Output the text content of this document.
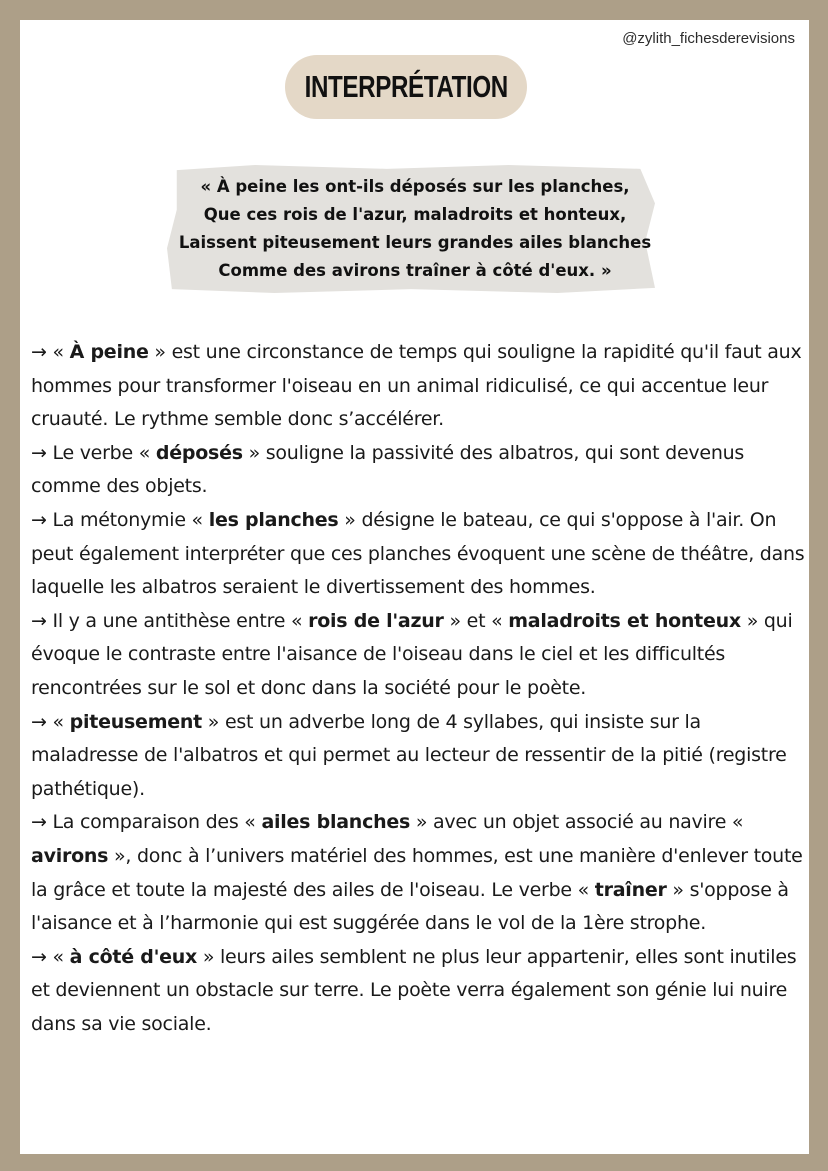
@zylith_fichesderevisions
INTERPRÉTATION
« À peine les ont-ils déposés sur les planches,
Que ces rois de l'azur, maladroits et honteux,
Laissent piteusement leurs grandes ailes blanches
Comme des avirons traîner à côté d'eux. »

→ « À peine » est une circonstance de temps qui souligne la rapidité qu'il faut aux hommes pour transformer l'oiseau en un animal ridiculisé, ce qui accentue leur cruauté. Le rythme semble donc s’accélérer.

→ Le verbe « déposés » souligne la passivité des albatros, qui sont devenus comme des objets.

→ La métonymie « les planches » désigne le bateau, ce qui s'oppose à l'air. On peut également interpréter que ces planches évoquent une scène de théâtre, dans laquelle les albatros seraient le divertissement des hommes.

→ Il y a une antithèse entre « rois de l'azur » et « maladroits et honteux » qui évoque le contraste entre l'aisance de l'oiseau dans le ciel et les difficultés rencontrées sur le sol et donc dans la société pour le poète.

→ « piteusement » est un adverbe long de 4 syllabes, qui insiste sur la maladresse de l'albatros et qui permet au lecteur de ressentir de la pitié (registre pathétique).

→ La comparaison des « ailes blanches » avec un objet associé au navire « avirons », donc à l’univers matériel des hommes, est une manière d'enlever toute la grâce et toute la majesté des ailes de l'oiseau. Le verbe « traîner » s'oppose à l'aisance et à l’harmonie qui est suggérée dans le vol de la 1ère strophe.

→ « à côté d'eux » leurs ailes semblent ne plus leur appartenir, elles sont inutiles et deviennent un obstacle sur terre. Le poète verra également son génie lui nuire dans sa vie sociale.
